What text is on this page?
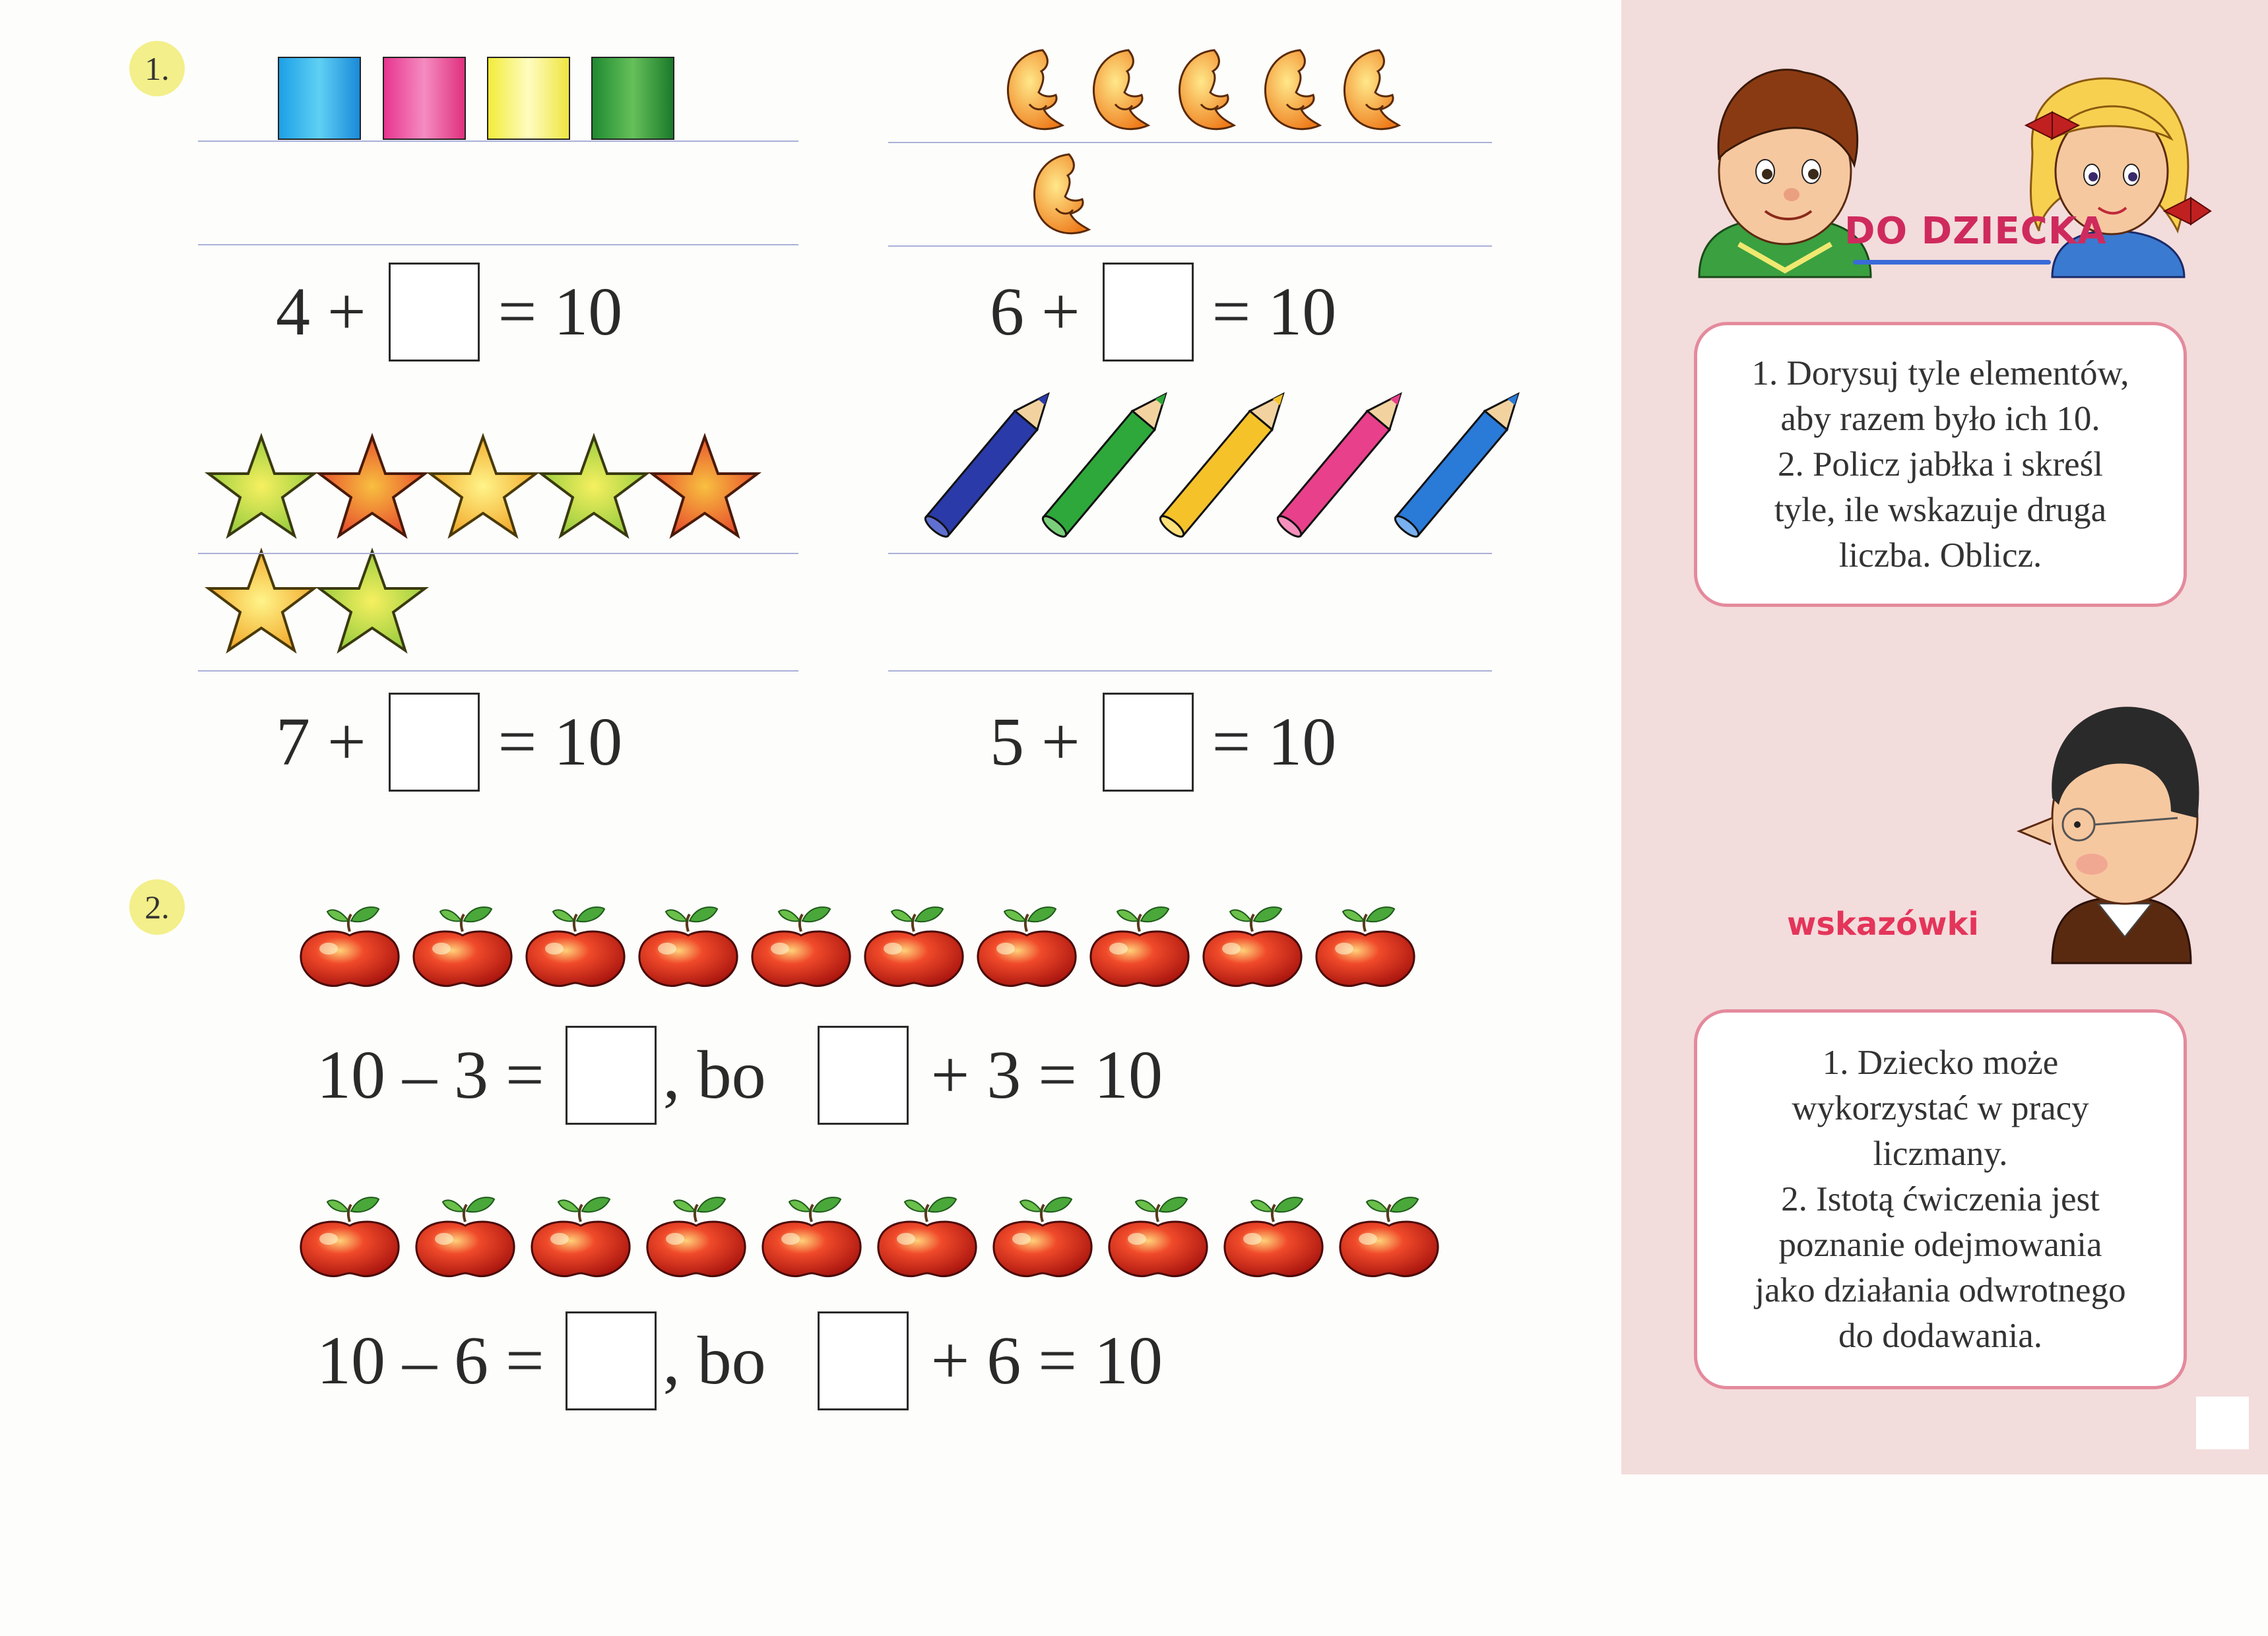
1.
4 + = 10	6 + = 10
7 + = 10	5 + = 10
2.
10 – 3 = , bo + 3 = 10
10 – 6 = , bo + 6 = 10
DO DZIECKA
1. Dorysuj tyle elementów,
aby razem było ich 10.
2. Policz jabłka i skreśl
tyle, ile wskazuje druga
liczba. Oblicz.
wskazówki
1. Dziecko może
wykorzystać w pracy
liczmany.
2. Istotą ćwiczenia jest
poznanie odejmowania
jako działania odwrotnego
do dodawania.
